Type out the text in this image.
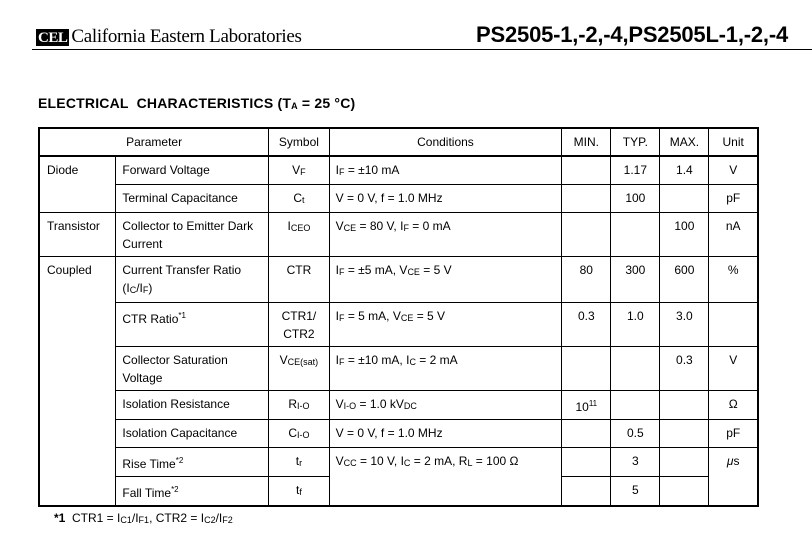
CEL California Eastern Laboratories	PS2505-1,-2,-4,PS2505L-1,-2,-4
ELECTRICAL  CHARACTERISTICS (TA = 25 °C)
Parameter		Symbol	Conditions	MIN.	TYP.	MAX.	Unit
Diode	Forward Voltage	VF	IF = ±10 mA		1.17	1.4	V
	Terminal Capacitance	Ct	V = 0 V, f = 1.0 MHz		100		pF
Transistor	Collector to Emitter Dark Current	ICEO	VCE = 80 V, IF = 0 mA			100	nA
Coupled	Current Transfer Ratio (IC/IF)	CTR	IF = ±5 mA, VCE = 5 V	80	300	600	%
	CTR Ratio$^{*1}$	CTR1/ CTR2	IF = 5 mA, VCE = 5 V	0.3	1.0	3.0	
	Collector Saturation Voltage	VCE(sat)	IF = ±10 mA, IC = 2 mA			0.3	V
	Isolation Resistance	RI-O	VI-O = 1.0 kVDC	$10^{11}$			Ω
	Isolation Capacitance	CI-O	V = 0 V, f = 1.0 MHz		0.5		pF
	Rise Time$^{*2}$	tr	VCC = 10 V, IC = 2 mA, RL = 100 Ω		3		μs
	Fall Time$^{*2}$	tf			5		
*1  CTR1 = IC1/IF1, CTR2 = IC2/IF2
